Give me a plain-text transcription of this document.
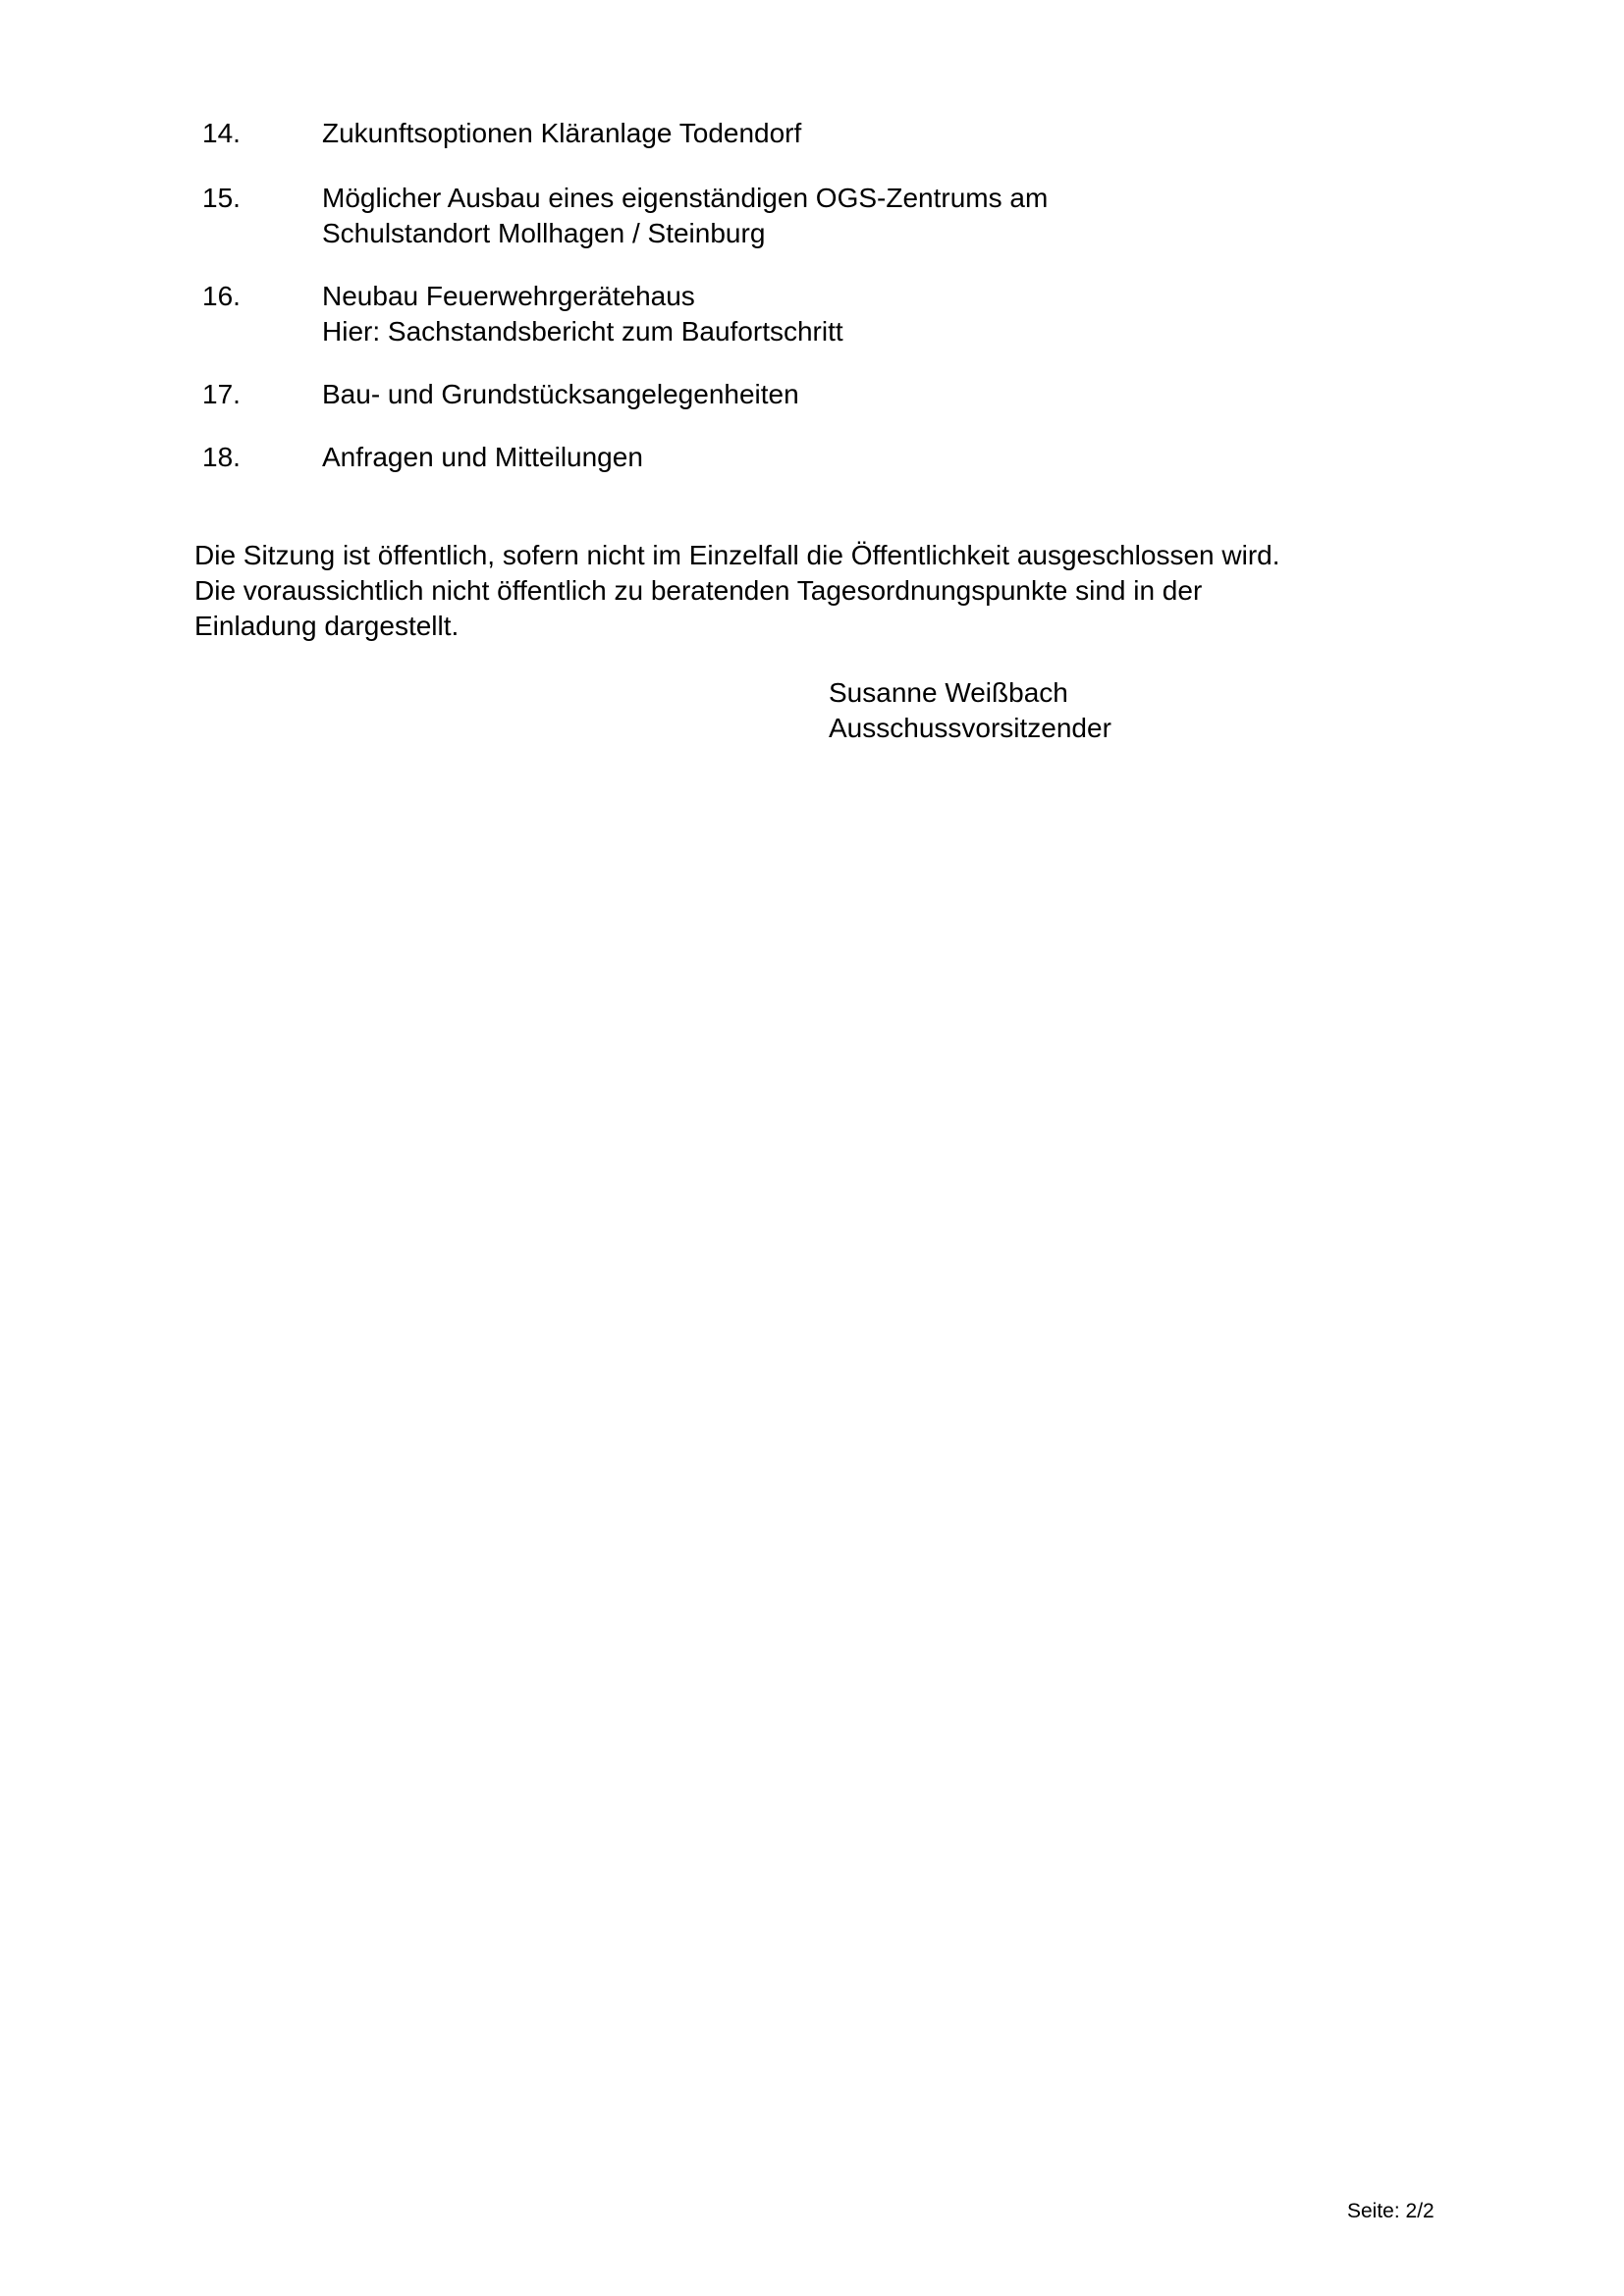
14.	Zukunftsoptionen Kläranlage Todendorf
15.	Möglicher Ausbau eines eigenständigen OGS-Zentrums am
Schulstandort Mollhagen / Steinburg
16.	Neubau Feuerwehrgerätehaus
Hier: Sachstandsbericht zum Baufortschritt
17.	Bau- und Grundstücksangelegenheiten
18.	Anfragen und Mitteilungen
Die Sitzung ist öffentlich, sofern nicht im Einzelfall die Öffentlichkeit ausgeschlossen wird.
Die voraussichtlich nicht öffentlich zu beratenden Tagesordnungspunkte sind in der
Einladung dargestellt.
Susanne Weißbach
Ausschussvorsitzender
Seite: 2/2
